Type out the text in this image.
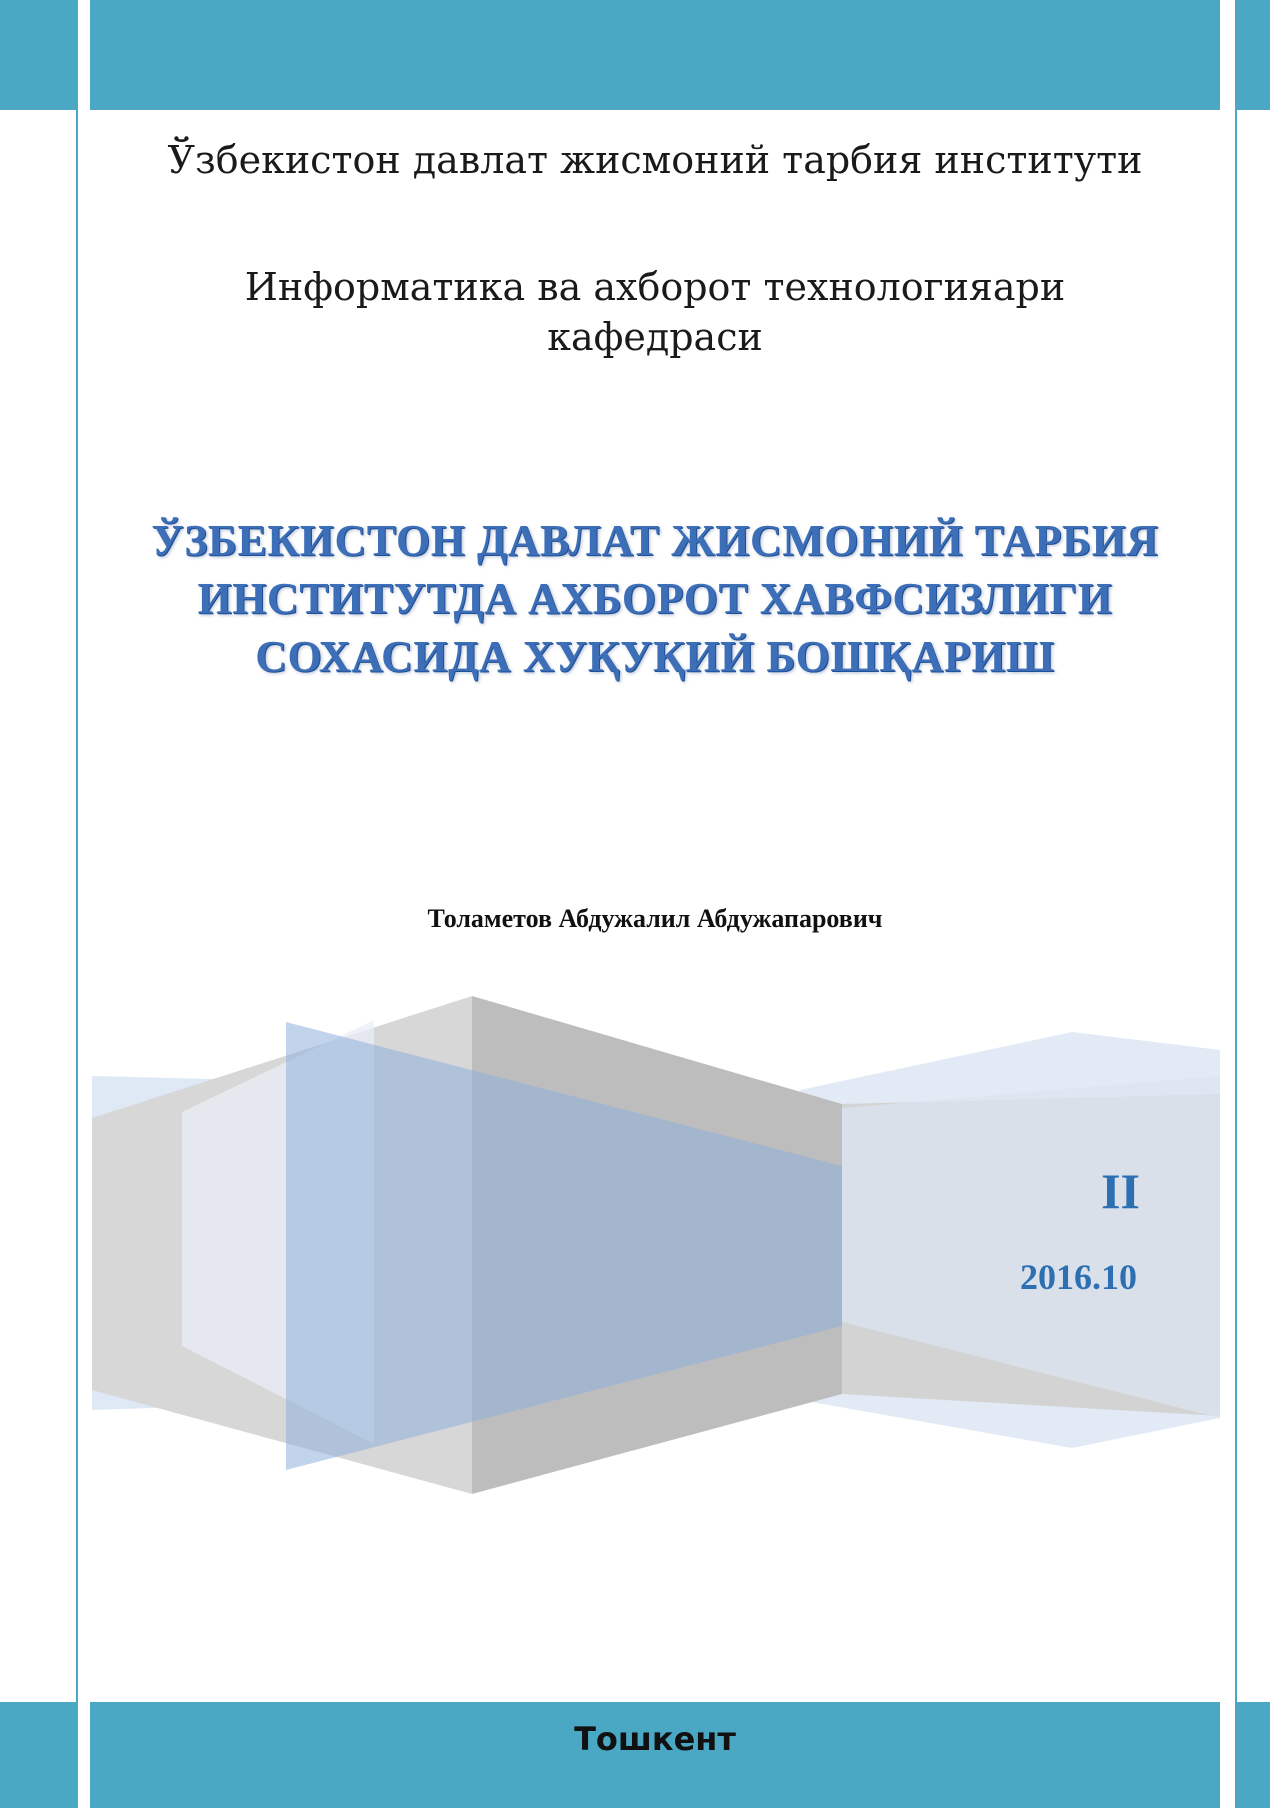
Ўзбекистон давлат жисмоний тарбия институти
Информатика ва ахборот технологияари
кафедраси
ЎЗБЕКИСТОН ДАВЛАТ ЖИСМОНИЙ ТАРБИЯ
ИНСТИТУТДА АХБОРОТ ХАВФСИЗЛИГИ
СОХАСИДА ХУҚУҚИЙ БОШҚАРИШ
Толаметов Абдужалил Абдужапарович
II
2016.10
Тошкент
